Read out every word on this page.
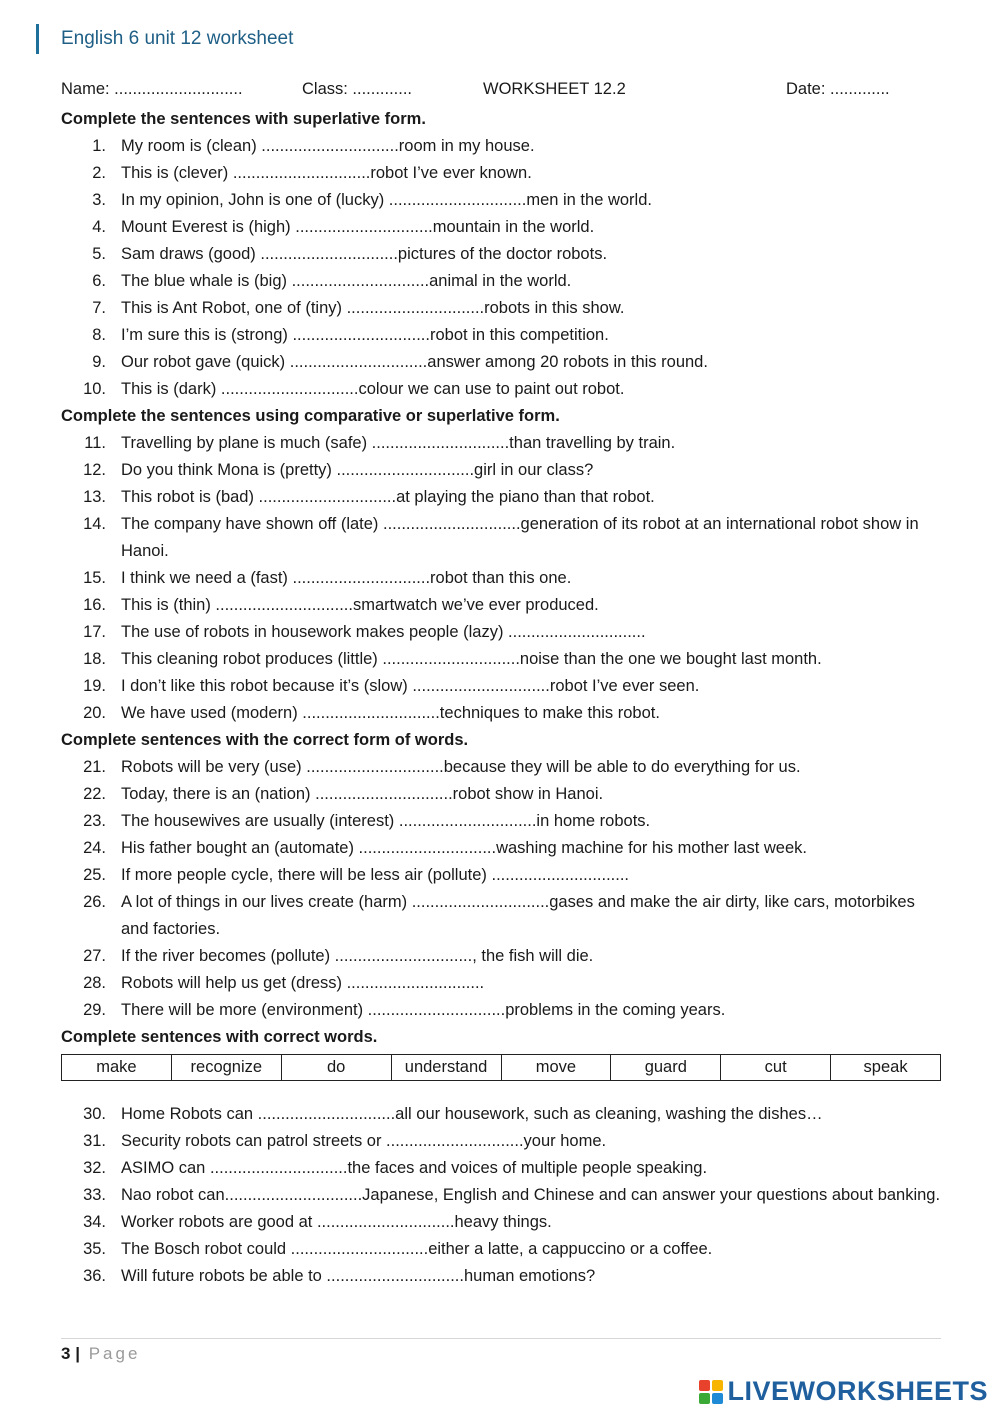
English 6 unit 12 worksheet
Name: ............................	Class: .............	WORKSHEET 12.2	Date: .............
Complete the sentences with superlative form.
1. My room is (clean) ..............................room in my house.
2. This is (clever) ..............................robot I’ve ever known.
3. In my opinion, John is one of (lucky) ..............................men in the world.
4. Mount Everest is (high) ..............................mountain in the world.
5. Sam draws (good) ..............................pictures of the doctor robots.
6. The blue whale is (big) ..............................animal in the world.
7. This is Ant Robot, one of (tiny) ..............................robots in this show.
8. I’m sure this is (strong) ..............................robot in this competition.
9. Our robot gave (quick) ..............................answer among 20 robots in this round.
10. This is (dark) ..............................colour we can use to paint out robot.
Complete the sentences using comparative or superlative form.
11. Travelling by plane is much (safe) ..............................than travelling by train.
12. Do you think Mona is (pretty) ..............................girl in our class?
13. This robot is (bad) ..............................at playing the piano than that robot.
14. The company have shown off (late) ..............................generation of its robot at an international robot show in Hanoi.
15. I think we need a (fast) ..............................robot than this one.
16. This is (thin) ..............................smartwatch we’ve ever produced.
17. The use of robots in housework makes people (lazy) ..............................
18. This cleaning robot produces (little) ..............................noise than the one we bought last month.
19. I don’t like this robot because it’s (slow) ..............................robot I’ve ever seen.
20. We have used (modern) ..............................techniques to make this robot.
Complete sentences with the correct form of words.
21. Robots will be very (use) ..............................because they will be able to do everything for us.
22. Today, there is an (nation) ..............................robot show in Hanoi.
23. The housewives are usually (interest) ..............................in home robots.
24. His father bought an (automate) ..............................washing machine for his mother last week.
25. If more people cycle, there will be less air (pollute) ..............................
26. A lot of things in our lives create (harm) ..............................gases and make the air dirty, like cars, motorbikes and factories.
27. If the river becomes (pollute) .............................., the fish will die.
28. Robots will help us get (dress) ..............................
29. There will be more (environment) ..............................problems in the coming years.
Complete sentences with correct words.
make	recognize	do	understand	move	guard	cut	speak
30. Home Robots can ..............................all our housework, such as cleaning, washing the dishes…
31. Security robots can patrol streets or ..............................your home.
32. ASIMO can ..............................the faces and voices of multiple people speaking.
33. Nao robot can..............................Japanese, English and Chinese and can answer your questions about banking.
34. Worker robots are good at ..............................heavy things.
35. The Bosch robot could ..............................either a latte, a cappuccino or a coffee.
36. Will future robots be able to ..............................human emotions?
3 | Page
LIVEWORKSHEETS
